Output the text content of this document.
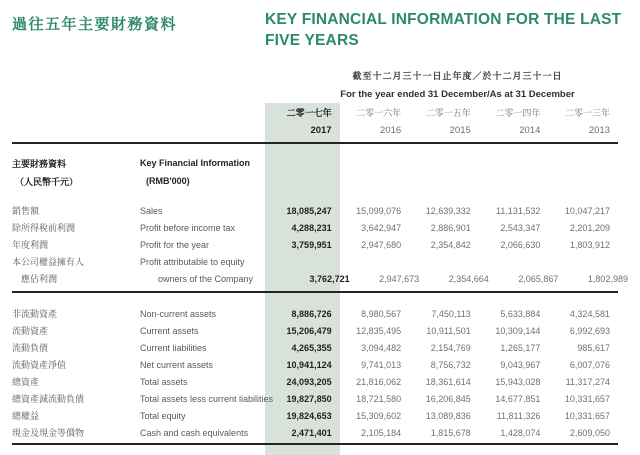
過往五年主要財務資料	KEY FINANCIAL INFORMATION FOR THE LAST FIVE YEARS
截至十二月三十一日止年度／於十二月三十一日
For the year ended 31 December/As at 31 December
二零一七年	二零一六年	二零一五年	二零一四年	二零一三年
2017	2016	2015	2014	2013
主要財務資料	Key Financial Information
（人民幣千元）	(RMB'000)
銷售額	Sales	18,085,247	15,099,076	12,639,332	11,131,532	10,047,217
除所得稅前利潤	Profit before income tax	4,288,231	3,642,947	2,886,901	2,543,347	2,201,209
年度利潤	Profit for the year	3,759,951	2,947,680	2,354,842	2,066,630	1,803,912
本公司權益擁有人	Profit attributable to equity
應佔利潤	owners of the Company	3,762,721	2,947,673	2,354,664	2,065,867	1,802,989
非流動資產	Non-current assets	8,886,726	8,980,567	7,450,113	5,633,884	4,324,581
流動資產	Current assets	15,206,479	12,835,495	10,911,501	10,309,144	6,992,693
流動負債	Current liabilities	4,265,355	3,094,482	2,154,769	1,265,177	985,617
流動資產淨值	Net current assets	10,941,124	9,741,013	8,756,732	9,043,967	6,007,076
總資產	Total assets	24,093,205	21,816,062	18,361,614	15,943,028	11,317,274
總資產減流動負債	Total assets less current liabilities	19,827,850	18,721,580	16,206,845	14,677,851	10,331,657
總權益	Total equity	19,824,653	15,309,602	13,089,836	11,811,326	10,331,657
現金及現金等價物	Cash and cash equivalents	2,471,401	2,105,184	1,815,678	1,428,074	2,609,050
